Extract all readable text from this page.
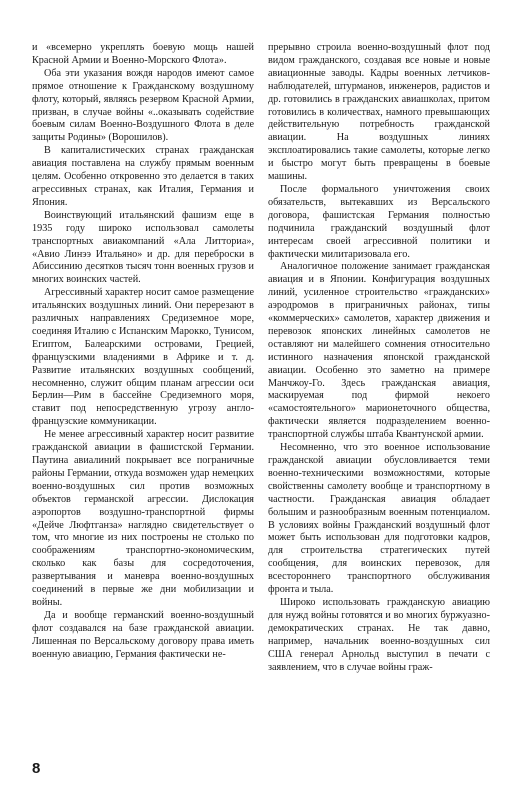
и «всемерно укреплять боевую мощь нашей Красной Армии и Военно-Морского Флота».

Оба эти указания вождя народов имеют самое прямое отношение к Гражданскому воздушному флоту, который, являясь резервом Красной Армии, призван, в случае войны «..оказывать содействие боевым силам Военно-Воздушного Флота в деле защиты Родины» (Ворошилов).

В капиталистических странах гражданская авиация поставлена на службу прямым военным целям. Особенно откровенно это делается в таких агрессивных странах, как Италия, Германия и Япония.

Воинствующий итальянский фашизм еще в 1935 году широко использовал самолеты транспортных авиакомпаний «Ала Литториа», «Авио Линээ Итальяно» и др. для переброски в Абиссинию десятков тысяч тонн военных грузов и многих воинских частей.

Агрессивный характер носит самое размещение итальянских воздушных линий. Они перерезают в различных направлениях Средиземное море, соединяя Италию с Испанским Марокко, Тунисом, Египтом, Балеарскими островами, Грецией, французскими владениями в Африке и т. д. Развитие итальянских воздушных сообщений, несомненно, служит общим планам агрессии оси Берлин—Рим в бассейне Средиземного моря, ставит под непосредственную угрозу англо-французские коммуникации.

Не менее агрессивный характер носит развитие гражданской авиации в фашистской Германии. Паутина авиалиний покрывает все пограничные районы Германии, откуда возможен удар немецких военно-воздушных сил против возможных объектов германской агрессии. Дислокация аэропортов воздушно-транспортной фирмы «Дейче Люфтганза» наглядно свидетельствует о том, что многие из них построены не столько по соображениям транспортно-экономическим, сколько как базы для сосредоточения, развертывания и маневра военно-воздушных соединений в первые же дни мобилизации и войны.

Да и вообще германский военно-воздушный флот создавался на базе гражданской авиации. Лишенная по Версальскому договору права иметь военную авиацию, Германия фактически не-

прерывно строила военно-воздушный флот под видом гражданского, создавая все новые и новые авиационные заводы. Кадры военных летчиков-наблюдателей, штурманов, инженеров, радистов и др. готовились в гражданских авиашколах, притом готовились в количествах, намного превышающих действительную потребность гражданской авиации. На воздушных линиях эксплоатировались такие самолеты, которые легко и быстро могут быть превращены в боевые машины.

После формального уничтожения своих обязательств, вытекавших из Версальского договора, фашистская Германия полностью подчинила гражданский воздушный флот интересам своей агрессивной политики и фактически милитаризовала его.

Аналогичное положение занимает гражданская авиация и в Японии. Конфигурация воздушных линий, усиленное строительство «гражданских» аэродромов в приграничных районах, типы «коммерческих» самолетов, характер движения и перевозок японских линейных самолетов не оставляют ни малейшего сомнения относительно истинного назначения японской гражданской авиации. Особенно это заметно на примере Манчжоу-Го. Здесь гражданская авиация, маскируемая под фирмой некоего «самостоятельного» марионеточного общества, фактически является подразделением военно-транспортной службы штаба Квантунской армии.

Несомненно, что это военное использование гражданской авиации обусловливается теми военно-техническими возможностями, которые свойственны самолету вообще и транспортному в частности. Гражданская авиация обладает большим и разнообразным военным потенциалом. В условиях войны Гражданский воздушный флот может быть использован для подготовки кадров, для строительства стратегических путей сообщения, для воинских перевозок, для всестороннего транспортного обслуживания фронта и тыла.

Широко использовать гражданскую авиацию для нужд войны готовятся и во многих буржуазно-демократических странах. Не так давно, например, начальник военно-воздушных сил США генерал Арнольд выступил в печати с заявлением, что в случае войны граж-

8
